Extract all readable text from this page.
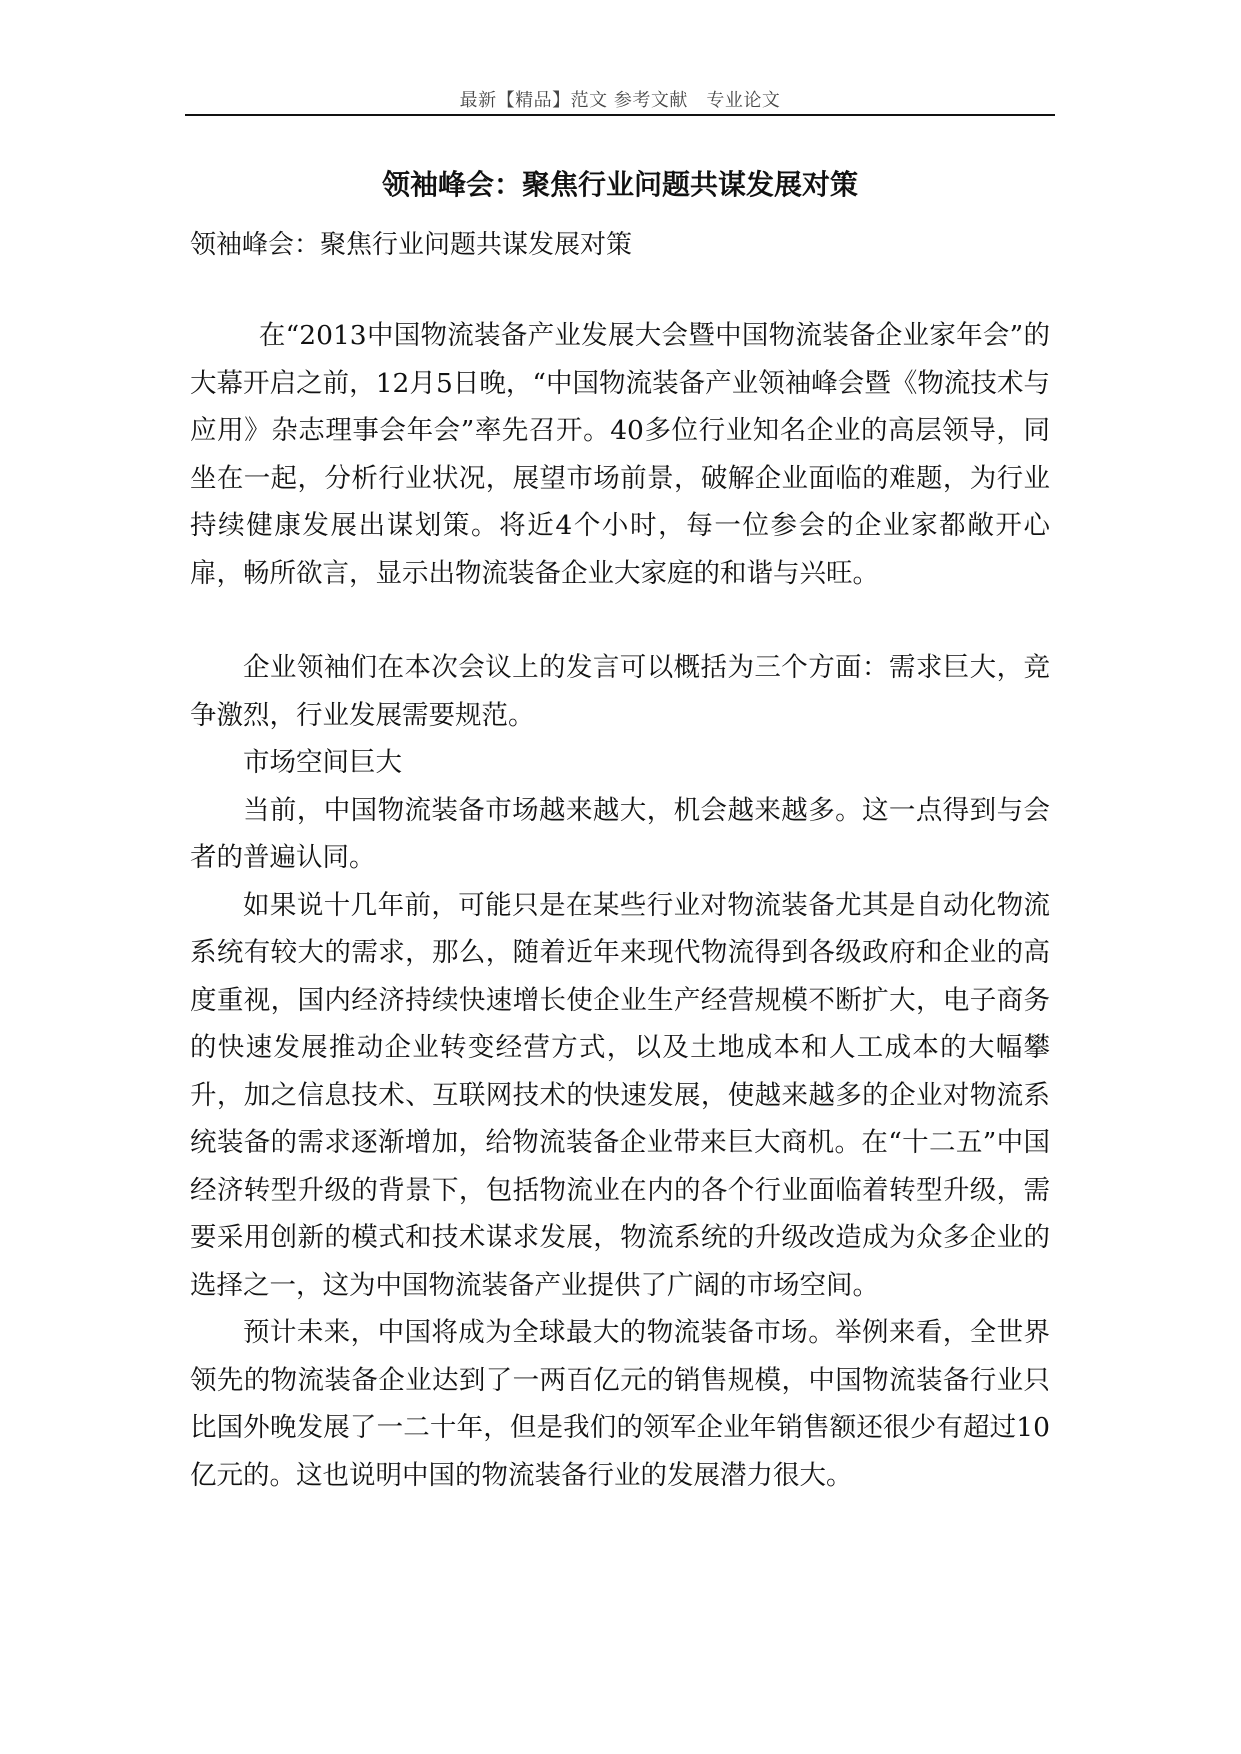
最新【精品】范文 参考文献　专业论文
领袖峰会：聚焦行业问题共谋发展对策
领袖峰会：聚焦行业问题共谋发展对策

在“2013中国物流装备产业发展大会暨中国物流装备企业家年会”的大幕开启之前，12月5日晚，“中国物流装备产业领袖峰会暨《物流技术与应用》杂志理事会年会”率先召开。40多位行业知名企业的高层领导，同坐在一起，分析行业状况，展望市场前景，破解企业面临的难题，为行业持续健康发展出谋划策。将近4个小时，每一位参会的企业家都敞开心扉，畅所欲言，显示出物流装备企业大家庭的和谐与兴旺。

企业领袖们在本次会议上的发言可以概括为三个方面：需求巨大，竞争激烈，行业发展需要规范。

市场空间巨大

当前，中国物流装备市场越来越大，机会越来越多。这一点得到与会者的普遍认同。

如果说十几年前，可能只是在某些行业对物流装备尤其是自动化物流系统有较大的需求，那么，随着近年来现代物流得到各级政府和企业的高度重视，国内经济持续快速增长使企业生产经营规模不断扩大，电子商务的快速发展推动企业转变经营方式，以及土地成本和人工成本的大幅攀升，加之信息技术、互联网技术的快速发展，使越来越多的企业对物流系统装备的需求逐渐增加，给物流装备企业带来巨大商机。在“十二五”中国经济转型升级的背景下，包括物流业在内的各个行业面临着转型升级，需要采用创新的模式和技术谋求发展，物流系统的升级改造成为众多企业的选择之一，这为中国物流装备产业提供了广阔的市场空间。

预计未来，中国将成为全球最大的物流装备市场。举例来看，全世界领先的物流装备企业达到了一两百亿元的销售规模，中国物流装备行业只比国外晚发展了一二十年，但是我们的领军企业年销售额还很少有超过10亿元的。这也说明中国的物流装备行业的发展潜力很大。
